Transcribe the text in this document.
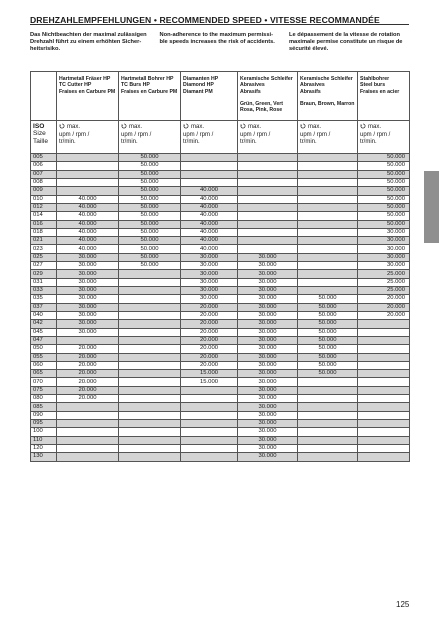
DREHZAHLEMPFEHLUNGEN • RECOMMENDED SPEED • VITESSE RECOMMANDÉE
Das Nichtbeachten der maximal zulässigen
Drehzahl führt zu einem erhöhten Sicher-
heitsrisiko.
Non-adherence to the maximum permissi-
ble speeds increases the risk of accidents.
Le dépassement de la vitesse de rotation
maximale permise constitute un risque de
sécurité élevé.

	Hartmetall Fräser HP
TC Cutter HP
Fraises en Carbure PM	Hartmetall Bohrer HP
TC Burs HP
Fraises en Carbure PM	Diamanten HP
Diamond HP
Diamant PM	Keramische Schleifer
Abrasives
Abrasifs
Grün, Green, Vert
Rosa, Pink, Rose	Keramische Schleifer
Abrasives
Abrasifs
Braun, Brown, Marron	Stahlbohrer
Steel burs
Fraises en acier

ISO
Size
Taille	max.
upm / rpm /
tr/min.	max.
upm / rpm /
tr/min.	max.
upm / rpm /
tr/min.	max.
upm / rpm /
tr/min.	max.
upm / rpm /
tr/min.	max.
upm / rpm /
tr/min.

005		50.000				50.000
006		50.000				50.000
007		50.000				50.000
008		50.000				50.000
009		50.000	40.000			50.000
010	40.000	50.000	40.000			50.000
012	40.000	50.000	40.000			50.000
014	40.000	50.000	40.000			50.000
016	40.000	50.000	40.000			50.000
018	40.000	50.000	40.000			30.000
021	40.000	50.000	40.000			30.000
023	40.000	50.000	40.000			30.000
025	30.000	50.000	30.000	30.000		30.000
027	30.000	50.000	30.000	30.000		30.000
029	30.000		30.000	30.000		25.000
031	30.000		30.000	30.000		25.000
033	30.000		30.000	30.000		25.000
035	30.000		30.000	30.000	50.000	20.000
037	30.000		20.000	30.000	50.000	20.000
040	30.000		20.000	30.000	50.000	20.000
042	30.000		20.000	30.000	50.000	
045	30.000		20.000	30.000	50.000	
047			20.000	30.000	50.000	
050	20.000		20.000	30.000	50.000	
055	20.000		20.000	30.000	50.000	
060	20.000		20.000	30.000	50.000	
065	20.000		15.000	30.000	50.000	
070	20.000		15.000	30.000		
075	20.000			30.000		
080	20.000			30.000		
085				30.000		
090				30.000		
095				30.000		
100				30.000		
110				30.000		
120				30.000		
130				30.000		
125
